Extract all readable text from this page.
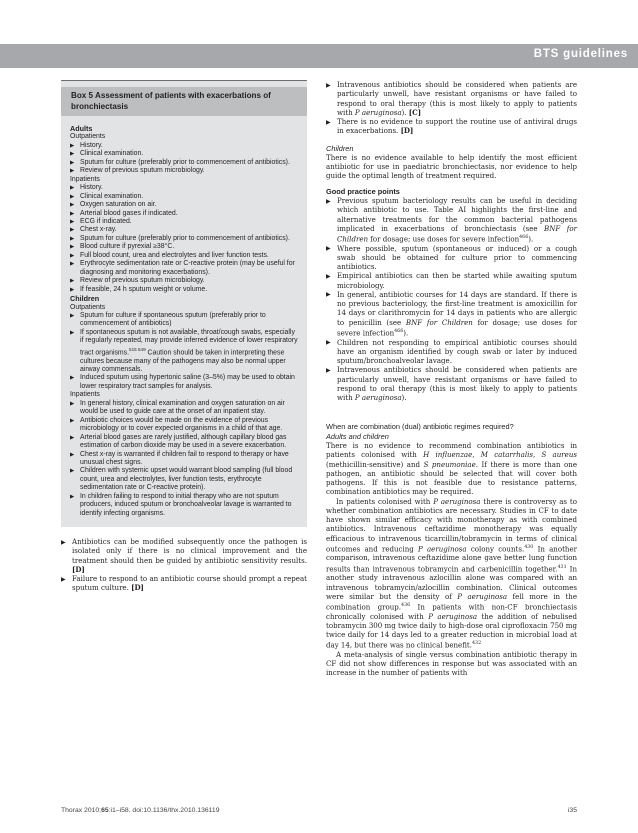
BTS guidelines
Box 5 Assessment of patients with exacerbations of bronchiectasis
Adults
Outpatients
▶ History.
▶ Clinical examination.
▶ Sputum for culture (preferably prior to commencement of antibiotics).
▶ Review of previous sputum microbiology.
Inpatients
▶ History.
▶ Clinical examination.
▶ Oxygen saturation on air.
▶ Arterial blood gases if indicated.
▶ ECG if indicated.
▶ Chest x-ray.
▶ Sputum for culture (preferably prior to commencement of antibiotics).
▶ Blood culture if pyrexial ≥38°C.
▶ Full blood count, urea and electrolytes and liver function tests.
▶ Erythrocyte sedimentation rate or C-reactive protein (may be useful for diagnosing and monitoring exacerbations).
▶ Review of previous sputum microbiology.
▶ If feasible, 24 h sputum weight or volume.
Children
Outpatients
▶ Sputum for culture if spontaneous sputum (preferably prior to commencement of antibiotics)
▶ If spontaneous sputum is not available, throat/cough swabs, especially if regularly repeated, may provide inferred evidence of lower respiratory tract organisms.$^{515 549}$ Caution should be taken in interpreting these cultures because many of the pathogens may also be normal upper airway commensals.
▶ Induced sputum using hypertonic saline (3–5%) may be used to obtain lower respiratory tract samples for analysis.
Inpatients
▶ In general history, clinical examination and oxygen saturation on air would be used to guide care at the onset of an inpatient stay.
▶ Antibiotic choices would be made on the evidence of previous microbiology or to cover expected organisms in a child of that age.
▶ Arterial blood gases are rarely justified, although capillary blood gas estimation of carbon dioxide may be used in a severe exacerbation.
▶ Chest x-ray is warranted if children fail to respond to therapy or have unusual chest signs.
▶ Children with systemic upset would warrant blood sampling (full blood count, urea and electrolytes, liver function tests, erythrocyte sedimentation rate or C-reactive protein).
▶ In children failing to respond to initial therapy who are not sputum producers, induced sputum or bronchoalveolar lavage is warranted to identify infecting organisms.
▶ Antibiotics can be modified subsequently once the pathogen is isolated only if there is no clinical improvement and the treatment should then be guided by antibiotic sensitivity results. [D]
▶ Failure to respond to an antibiotic course should prompt a repeat sputum culture. [D]
▶ Intravenous antibiotics should be considered when patients are particularly unwell, have resistant organisms or have failed to respond to oral therapy (this is most likely to apply to patients with P aeruginosa). [C]
▶ There is no evidence to support the routine use of antiviral drugs in exacerbations. [D]
Children
There is no evidence available to help identify the most efficient antibiotic for use in paediatric bronchiectasis, nor evidence to help guide the optimal length of treatment required.
Good practice points
▶ Previous sputum bacteriology results can be useful in deciding which antibiotic to use. Table AI highlights the first-line and alternative treatments for the common bacterial pathogens implicated in exacerbations of bronchiectasis (see BNF for Children for dosage; use doses for severe infection$^{466}$).
▶ Where possible, sputum (spontaneous or induced) or a cough swab should be obtained for culture prior to commencing antibiotics.
▶ Empirical antibiotics can then be started while awaiting sputum microbiology.
▶ In general, antibiotic courses for 14 days are standard. If there is no previous bacteriology, the first-line treatment is amoxicillin for 14 days or clarithromycin for 14 days in patients who are allergic to penicillin (see BNF for Children for dosage; use doses for severe infection$^{466}$).
▶ Children not responding to empirical antibiotic courses should have an organism identified by cough swab or later by induced sputum/bronchoalveolar lavage.
▶ Intravenous antibiotics should be considered when patients are particularly unwell, have resistant organisms or have failed to respond to oral therapy (this is most likely to apply to patients with P aeruginosa).
When are combination (dual) antibiotic regimes required?
Adults and children
There is no evidence to recommend combination antibiotics in patients colonised with H influenzae, M catarrhalis, S aureus (methicillin-sensitive) and S pneumoniae. If there is more than one pathogen, an antibiotic should be selected that will cover both pathogens. If this is not feasible due to resistance patterns, combination antibiotics may be required.
In patients colonised with P aeruginosa there is controversy as to whether combination antibiotics are necessary. Studies in CF to date have shown similar efficacy with monotherapy as with combined antibiotics. Intravenous ceftazidime monotherapy was equally efficacious to intravenous ticarcillin/tobramycin in terms of clinical outcomes and reducing P aeruginosa colony counts.$^{430}$ In another comparison, intravenous ceftazidime alone gave better lung function results than intravenous tobramycin and carbenicillin together.$^{431}$ In another study intravenous azlocillin alone was compared with an intravenous tobramycin/azlocillin combination. Clinical outcomes were similar but the density of P aeruginosa fell more in the combination group.$^{436}$ In patients with non-CF bronchiectasis chronically colonised with P aeruginosa the addition of nebulised tobramycin 300 mg twice daily to high-dose oral ciprofloxacin 750 mg twice daily for 14 days led to a greater reduction in microbial load at day 14, but there was no clinical benefit.$^{432}$
A meta-analysis of single versus combination antibiotic therapy in CF did not show differences in response but was associated with an increase in the number of patients with
Thorax 2010;65:i1–i58. doi:10.1136/thx.2010.136119	i35
